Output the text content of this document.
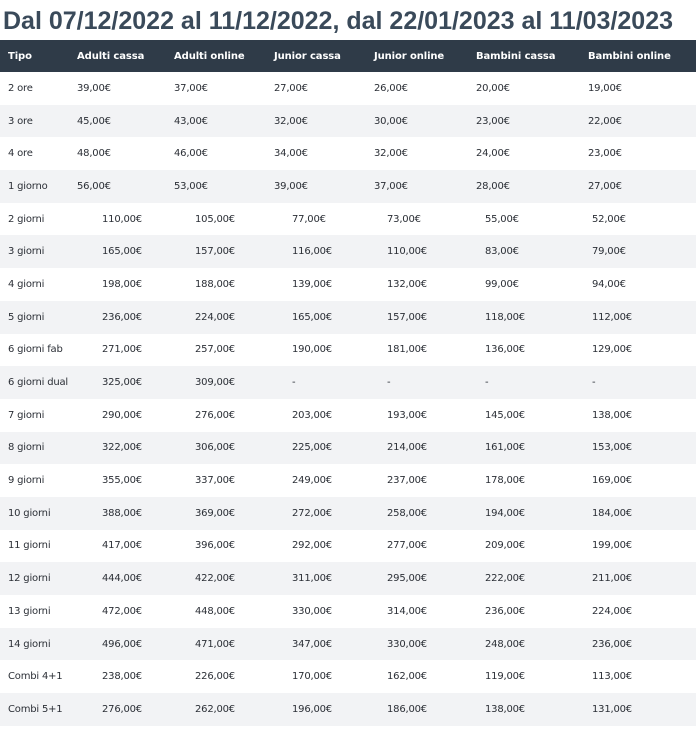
Dal 07/12/2022 al 11/12/2022, dal 22/01/2023 al 11/03/2023
Tipo	Adulti cassa	Adulti online	Junior cassa	Junior online	Bambini cassa	Bambini online
2 ore	39,00€	37,00€	27,00€	26,00€	20,00€	19,00€
3 ore	45,00€	43,00€	32,00€	30,00€	23,00€	22,00€
4 ore	48,00€	46,00€	34,00€	32,00€	24,00€	23,00€
1 giorno	56,00€	53,00€	39,00€	37,00€	28,00€	27,00€
2 giorni	110,00€	105,00€	77,00€	73,00€	55,00€	52,00€
3 giorni	165,00€	157,00€	116,00€	110,00€	83,00€	79,00€
4 giorni	198,00€	188,00€	139,00€	132,00€	99,00€	94,00€
5 giorni	236,00€	224,00€	165,00€	157,00€	118,00€	112,00€
6 giorni fab	271,00€	257,00€	190,00€	181,00€	136,00€	129,00€
6 giorni dual	325,00€	309,00€	-	-	-	-
7 giorni	290,00€	276,00€	203,00€	193,00€	145,00€	138,00€
8 giorni	322,00€	306,00€	225,00€	214,00€	161,00€	153,00€
9 giorni	355,00€	337,00€	249,00€	237,00€	178,00€	169,00€
10 giorni	388,00€	369,00€	272,00€	258,00€	194,00€	184,00€
11 giorni	417,00€	396,00€	292,00€	277,00€	209,00€	199,00€
12 giorni	444,00€	422,00€	311,00€	295,00€	222,00€	211,00€
13 giorni	472,00€	448,00€	330,00€	314,00€	236,00€	224,00€
14 giorni	496,00€	471,00€	347,00€	330,00€	248,00€	236,00€
Combi 4+1	238,00€	226,00€	170,00€	162,00€	119,00€	113,00€
Combi 5+1	276,00€	262,00€	196,00€	186,00€	138,00€	131,00€
